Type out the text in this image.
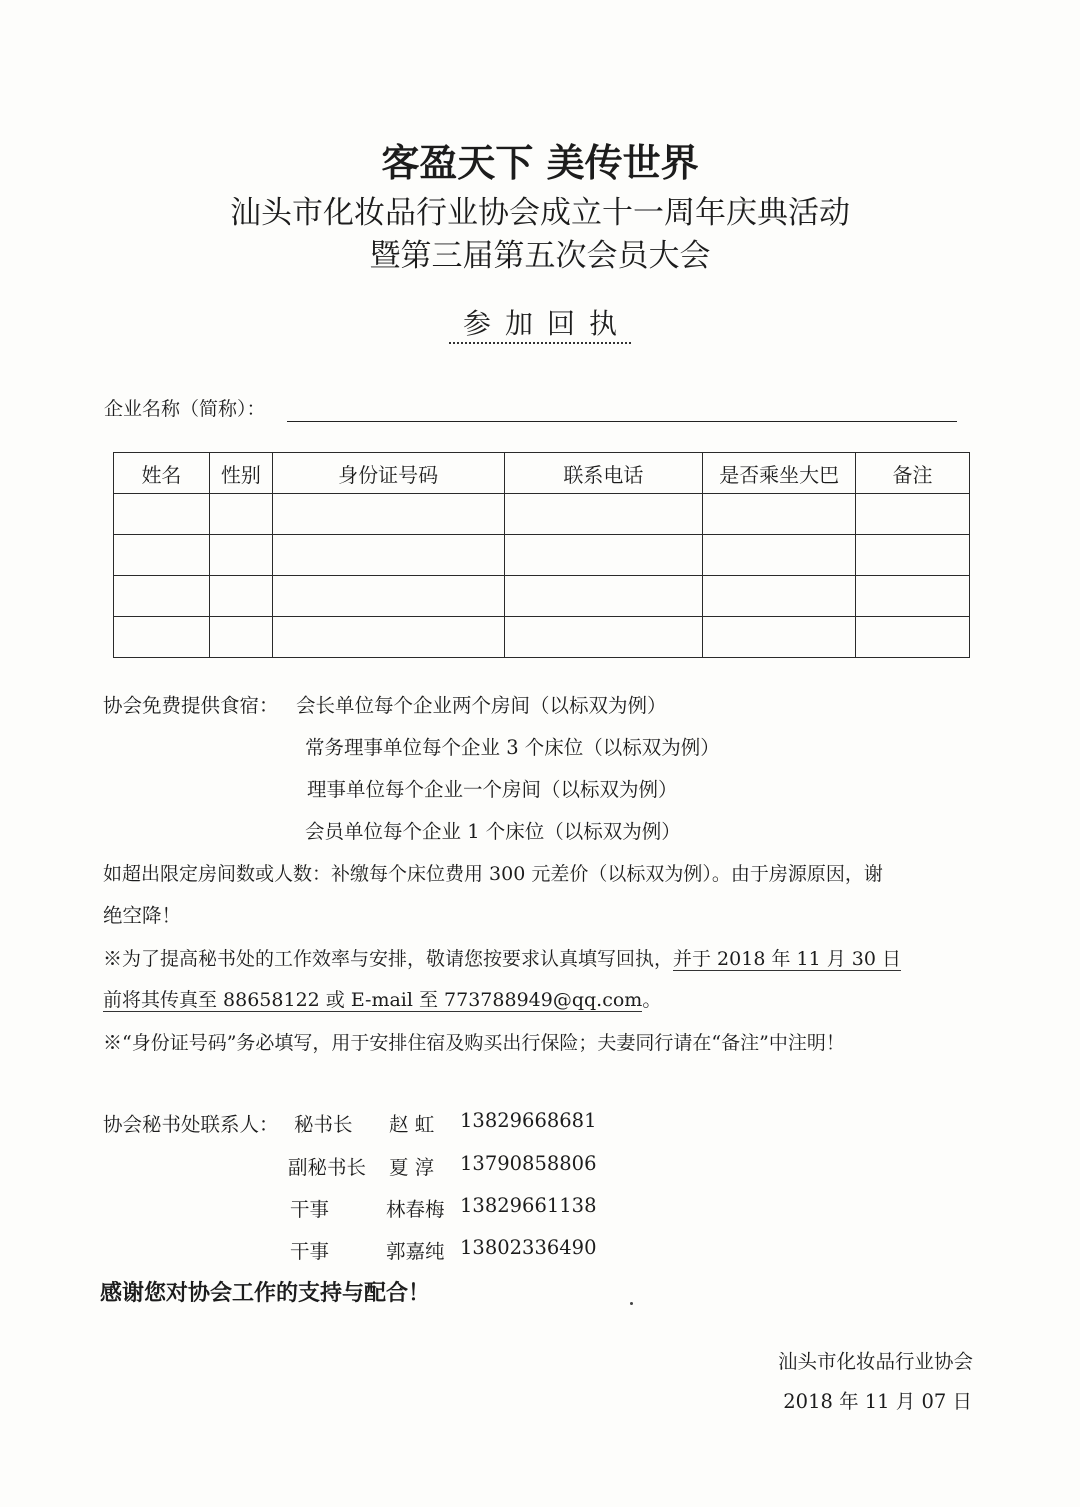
客盈天下 美传世界
汕头市化妆品行业协会成立十一周年庆典活动
暨第三届第五次会员大会
参加回执
企业名称（简称）：
姓名	性别	身份证号码	联系电话	是否乘坐大巴	备注

协会免费提供食宿： 会长单位每个企业两个房间（以标双为例）
常务理事单位每个企业 3 个床位（以标双为例）
理事单位每个企业一个房间（以标双为例）
会员单位每个企业 1 个床位（以标双为例）
如超出限定房间数或人数：补缴每个床位费用 300 元差价（以标双为例）。由于房源原因，谢
绝空降！
※为了提高秘书处的工作效率与安排，敬请您按要求认真填写回执，并于 2018 年 11 月 30 日
前将其传真至 88658122 或 E-mail 至 773788949@qq.com。
※“身份证号码”务必填写，用于安排住宿及购买出行保险；夫妻同行请在“备注”中注明！
协会秘书处联系人： 秘书长 赵 虹 13829668681
副秘书长 夏 淳 13790858806
干事	林春梅 13829661138
干事	郭嘉纯 13802336490
感谢您对协会工作的支持与配合！
汕头市化妆品行业协会
2018 年 11 月 07 日
